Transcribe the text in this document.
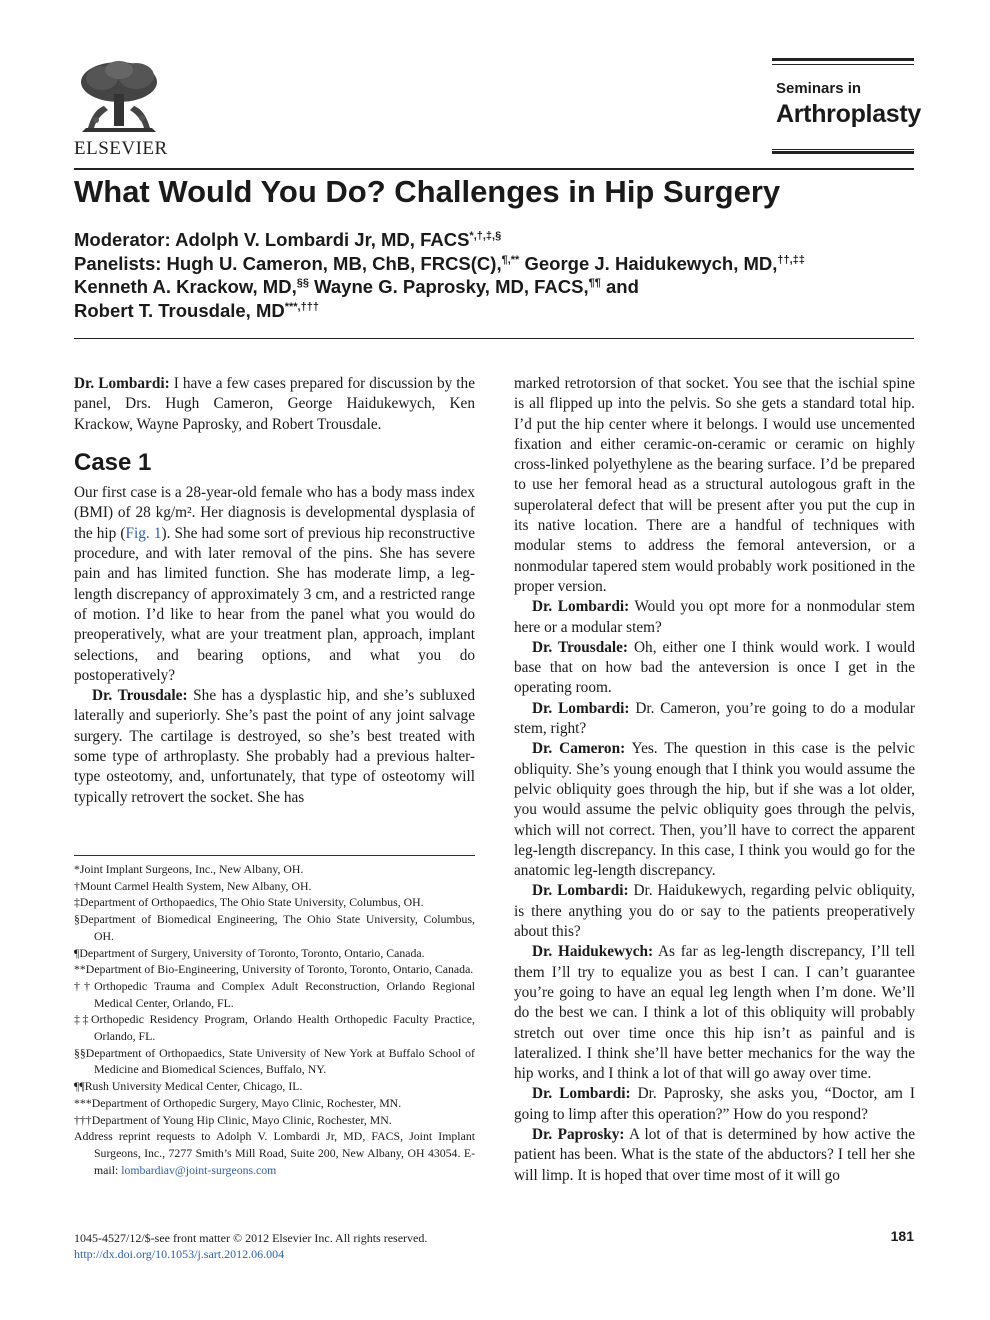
ELSEVIER
Seminars in
Arthroplasty
What Would You Do? Challenges in Hip Surgery
Moderator: Adolph V. Lombardi Jr, MD, FACS*,†,‡,§
Panelists: Hugh U. Cameron, MB, ChB, FRCS(C),¶,** George J. Haidukewych, MD,††,‡‡
Kenneth A. Krackow, MD,§§ Wayne G. Paprosky, MD, FACS,¶¶ and
Robert T. Trousdale, MD***,†††

Dr. Lombardi: I have a few cases prepared for discussion by the panel, Drs. Hugh Cameron, George Haidukewych, Ken Krackow, Wayne Paprosky, and Robert Trousdale.

Case 1

Our first case is a 28-year-old female who has a body mass index (BMI) of 28 kg/m². Her diagnosis is developmental dysplasia of the hip (Fig. 1). She had some sort of previous hip reconstructive procedure, and with later removal of the pins. She has severe pain and has limited function. She has moderate limp, a leg-length discrepancy of approximately 3 cm, and a restricted range of motion. I’d like to hear from the panel what you would do preoperatively, what are your treatment plan, approach, implant selections, and bearing options, and what you do postoperatively?

Dr. Trousdale: She has a dysplastic hip, and she’s subluxed laterally and superiorly. She’s past the point of any joint salvage surgery. The cartilage is destroyed, so she’s best treated with some type of arthroplasty. She probably had a previous halter-type osteotomy, and, unfortunately, that type of osteotomy will typically retrovert the socket. She has

*Joint Implant Surgeons, Inc., New Albany, OH.
†Mount Carmel Health System, New Albany, OH.
‡Department of Orthopaedics, The Ohio State University, Columbus, OH.
§Department of Biomedical Engineering, The Ohio State University, Columbus, OH.
¶Department of Surgery, University of Toronto, Toronto, Ontario, Canada.
**Department of Bio-Engineering, University of Toronto, Toronto, Ontario, Canada.
††Orthopedic Trauma and Complex Adult Reconstruction, Orlando Regional Medical Center, Orlando, FL.
‡‡Orthopedic Residency Program, Orlando Health Orthopedic Faculty Practice, Orlando, FL.
§§Department of Orthopaedics, State University of New York at Buffalo School of Medicine and Biomedical Sciences, Buffalo, NY.
¶¶Rush University Medical Center, Chicago, IL.
***Department of Orthopedic Surgery, Mayo Clinic, Rochester, MN.
†††Department of Young Hip Clinic, Mayo Clinic, Rochester, MN.
Address reprint requests to Adolph V. Lombardi Jr, MD, FACS, Joint Implant Surgeons, Inc., 7277 Smith’s Mill Road, Suite 200, New Albany, OH 43054. E-mail: lombardiav@joint-surgeons.com

marked retrotorsion of that socket. You see that the ischial spine is all flipped up into the pelvis. So she gets a standard total hip. I’d put the hip center where it belongs. I would use uncemented fixation and either ceramic-on-ceramic or ceramic on highly cross-linked polyethylene as the bearing surface. I’d be prepared to use her femoral head as a structural autologous graft in the superolateral defect that will be present after you put the cup in its native location. There are a handful of techniques with modular stems to address the femoral anteversion, or a nonmodular tapered stem would probably work positioned in the proper version.

Dr. Lombardi: Would you opt more for a nonmodular stem here or a modular stem?

Dr. Trousdale: Oh, either one I think would work. I would base that on how bad the anteversion is once I get in the operating room.

Dr. Lombardi: Dr. Cameron, you’re going to do a modular stem, right?

Dr. Cameron: Yes. The question in this case is the pelvic obliquity. She’s young enough that I think you would assume the pelvic obliquity goes through the hip, but if she was a lot older, you would assume the pelvic obliquity goes through the pelvis, which will not correct. Then, you’ll have to correct the apparent leg-length discrepancy. In this case, I think you would go for the anatomic leg-length discrepancy.

Dr. Lombardi: Dr. Haidukewych, regarding pelvic obliquity, is there anything you do or say to the patients preoperatively about this?

Dr. Haidukewych: As far as leg-length discrepancy, I’ll tell them I’ll try to equalize you as best I can. I can’t guarantee you’re going to have an equal leg length when I’m done. We’ll do the best we can. I think a lot of this obliquity will probably stretch out over time once this hip isn’t as painful and is lateralized. I think she’ll have better mechanics for the way the hip works, and I think a lot of that will go away over time.

Dr. Lombardi: Dr. Paprosky, she asks you, “Doctor, am I going to limp after this operation?” How do you respond?

Dr. Paprosky: A lot of that is determined by how active the patient has been. What is the state of the abductors? I tell her she will limp. It is hoped that over time most of it will go

1045-4527/12/$-see front matter © 2012 Elsevier Inc. All rights reserved.
http://dx.doi.org/10.1053/j.sart.2012.06.004
181
